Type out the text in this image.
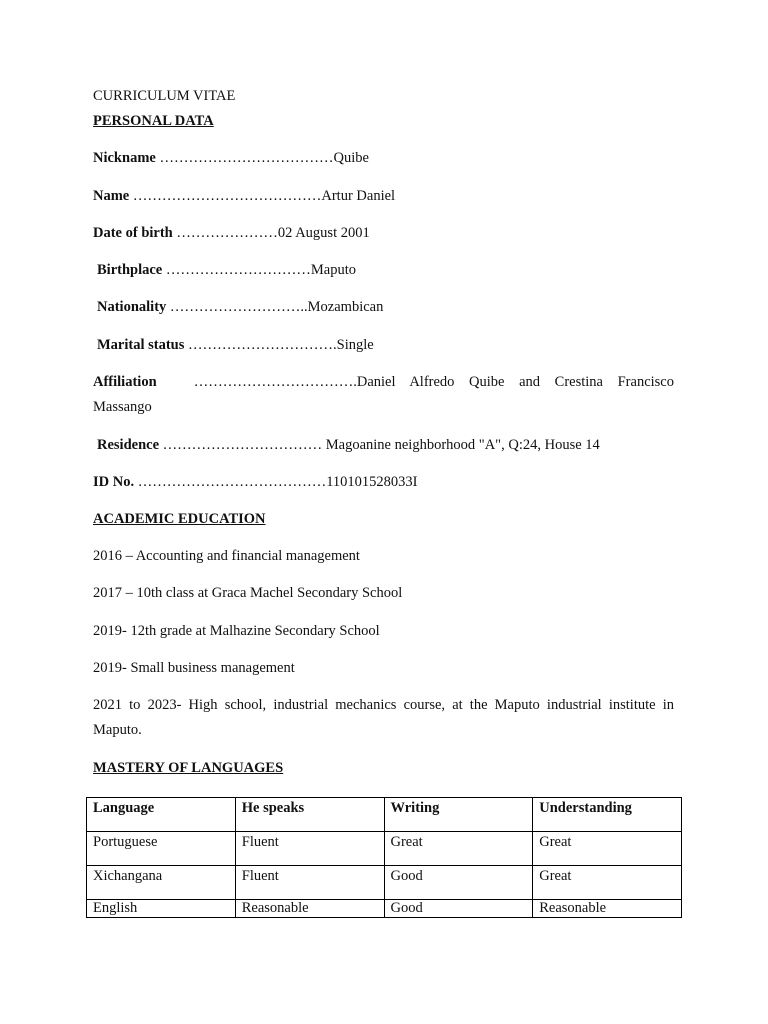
CURRICULUM VITAE
PERSONAL DATA
Nickname ………………………………Quibe
Name …………………………………Artur Daniel
Date of birth …………………02 August 2001
Birthplace …………………………Maputo
Nationality ………………………..Mozambican
Marital status ………………………….Single
Affiliation	…………………………….Daniel Alfredo Quibe and Crestina Francisco
Massango
Residence …………………………… Magoanine neighborhood "A", Q:24, House 14
ID No. …………………………………110101528033I
ACADEMIC EDUCATION
2016 – Accounting and financial management
2017 – 10th class at Graca Machel Secondary School
2019- 12th grade at Malhazine Secondary School
2019- Small business management
2021 to 2023- High school, industrial mechanics course, at the Maputo industrial institute in Maputo.
MASTERY OF LANGUAGES
Language	He speaks	Writing	Understanding
Portuguese	Fluent	Great	Great
Xichangana	Fluent	Good	Great
English	Reasonable	Good	Reasonable
